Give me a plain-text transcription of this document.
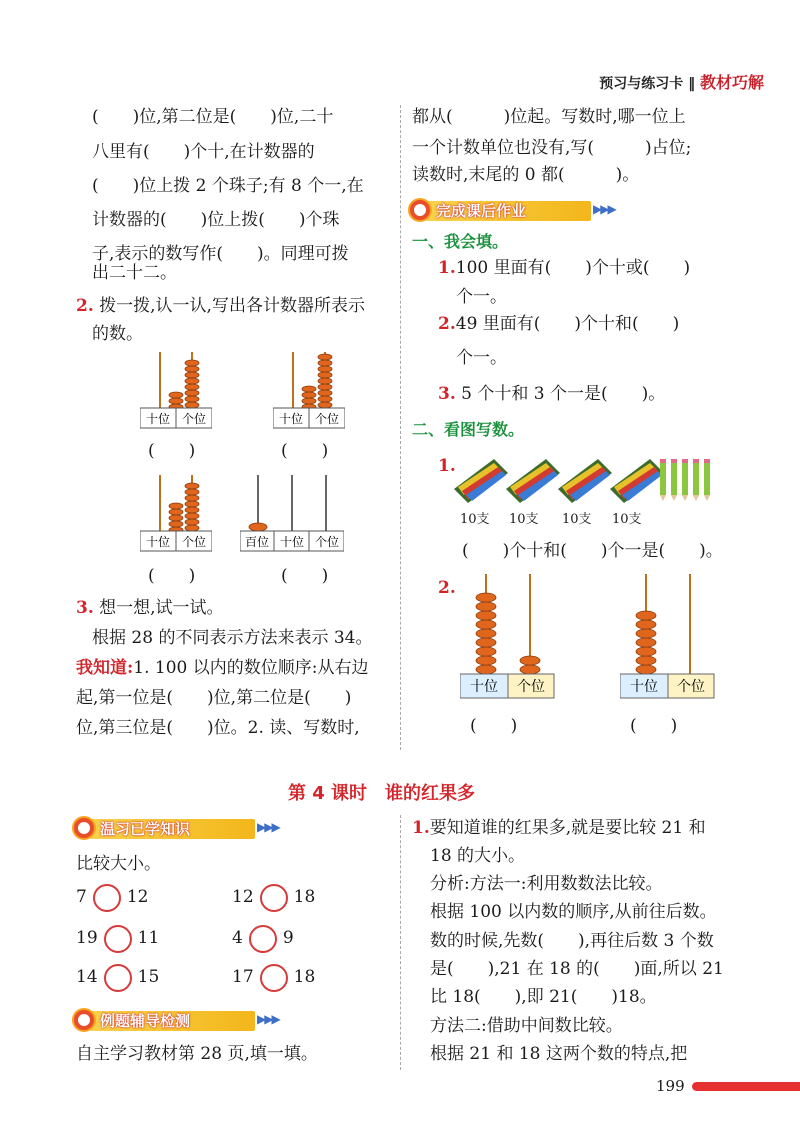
预习与练习卡 ‖ 教材巧解
(　　)位,第二位是(　　)位,二十
八里有(　　)个十,在计数器的
(　　)位上拨 2 个珠子;有 8 个一,在
计数器的(　　)位上拨(　　)个珠
子,表示的数写作(　　)。同理可拨
出二十二。
2. 拨一拨,认一认,写出各计数器所表示
的数。
十位 个位	十位 个位
(　　)	(　　)
十位 个位	百位 十位 个位
(　　)	(　　)
3. 想一想,试一试。
根据 28 的不同表示方法来表示 34。
我知道:1. 100 以内的数位顺序:从右边
起,第一位是(　　)位,第二位是(　　)
位,第三位是(　　)位。2. 读、写数时,
都从(　　　)位起。写数时,哪一位上
一个计数单位也没有,写(　　　)占位;
读数时,末尾的 0 都(　　　)。
完成课后作业	▶▶▶
一、我会填。
1.100 里面有(　　)个十或(　　)
个一。
2.49 里面有(　　)个十和(　　)
个一。
3. 5 个十和 3 个一是(　　)。
二、看图写数。
1.
10支 10支 10支 10支
(　　)个十和(　　)个一是(　　)。
2.
十位 个位	十位 个位
(　　)	(　　)
第 4 课时　谁的红果多
温习已学知识	▶▶▶
比较大小。
7 12	12 18
19 11	4 9
14 15	17 18
例题辅导检测	▶▶▶
自主学习教材第 28 页,填一填。
1.要知道谁的红果多,就是要比较 21 和
18 的大小。
分析:方法一:利用数数法比较。
根据 100 以内数的顺序,从前往后数。
数的时候,先数(　　),再往后数 3 个数
是(　　),21 在 18 的(　　)面,所以 21
比 18(　　),即 21(　　)18。
方法二:借助中间数比较。
根据 21 和 18 这两个数的特点,把
199
